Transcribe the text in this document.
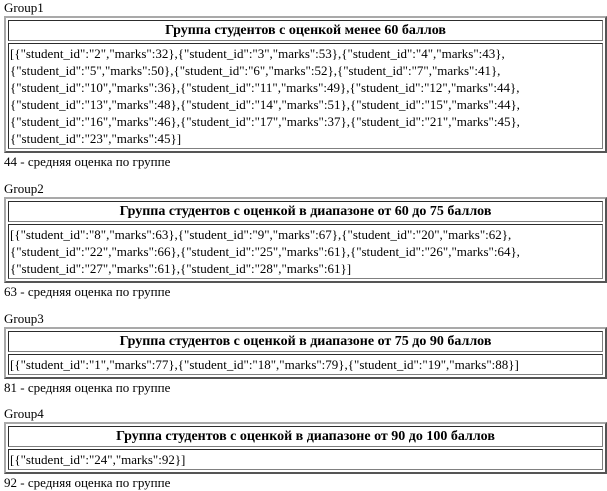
Group1
Группа студентов с оценкой менее 60 баллов
[{"student_id":"2","marks":32},{"student_id":"3","marks":53},{"student_id":"4","marks":43},{"student_id":"5","marks":50},{"student_id":"6","marks":52},{"student_id":"7","marks":41},{"student_id":"10","marks":36},{"student_id":"11","marks":49},{"student_id":"12","marks":44},{"student_id":"13","marks":48},{"student_id":"14","marks":51},{"student_id":"15","marks":44},{"student_id":"16","marks":46},{"student_id":"17","marks":37},{"student_id":"21","marks":45},{"student_id":"23","marks":45}]
44 - средняя оценка по группе
Group2
Группа студентов с оценкой в диапазоне от 60 до 75 баллов
[{"student_id":"8","marks":63},{"student_id":"9","marks":67},{"student_id":"20","marks":62},{"student_id":"22","marks":66},{"student_id":"25","marks":61},{"student_id":"26","marks":64},{"student_id":"27","marks":61},{"student_id":"28","marks":61}]
63 - средняя оценка по группе
Group3
Группа студентов с оценкой в диапазоне от 75 до 90 баллов
[{"student_id":"1","marks":77},{"student_id":"18","marks":79},{"student_id":"19","marks":88}]
81 - средняя оценка по группе
Group4
Группа студентов с оценкой в диапазоне от 90 до 100 баллов
[{"student_id":"24","marks":92}]
92 - средняя оценка по группе
